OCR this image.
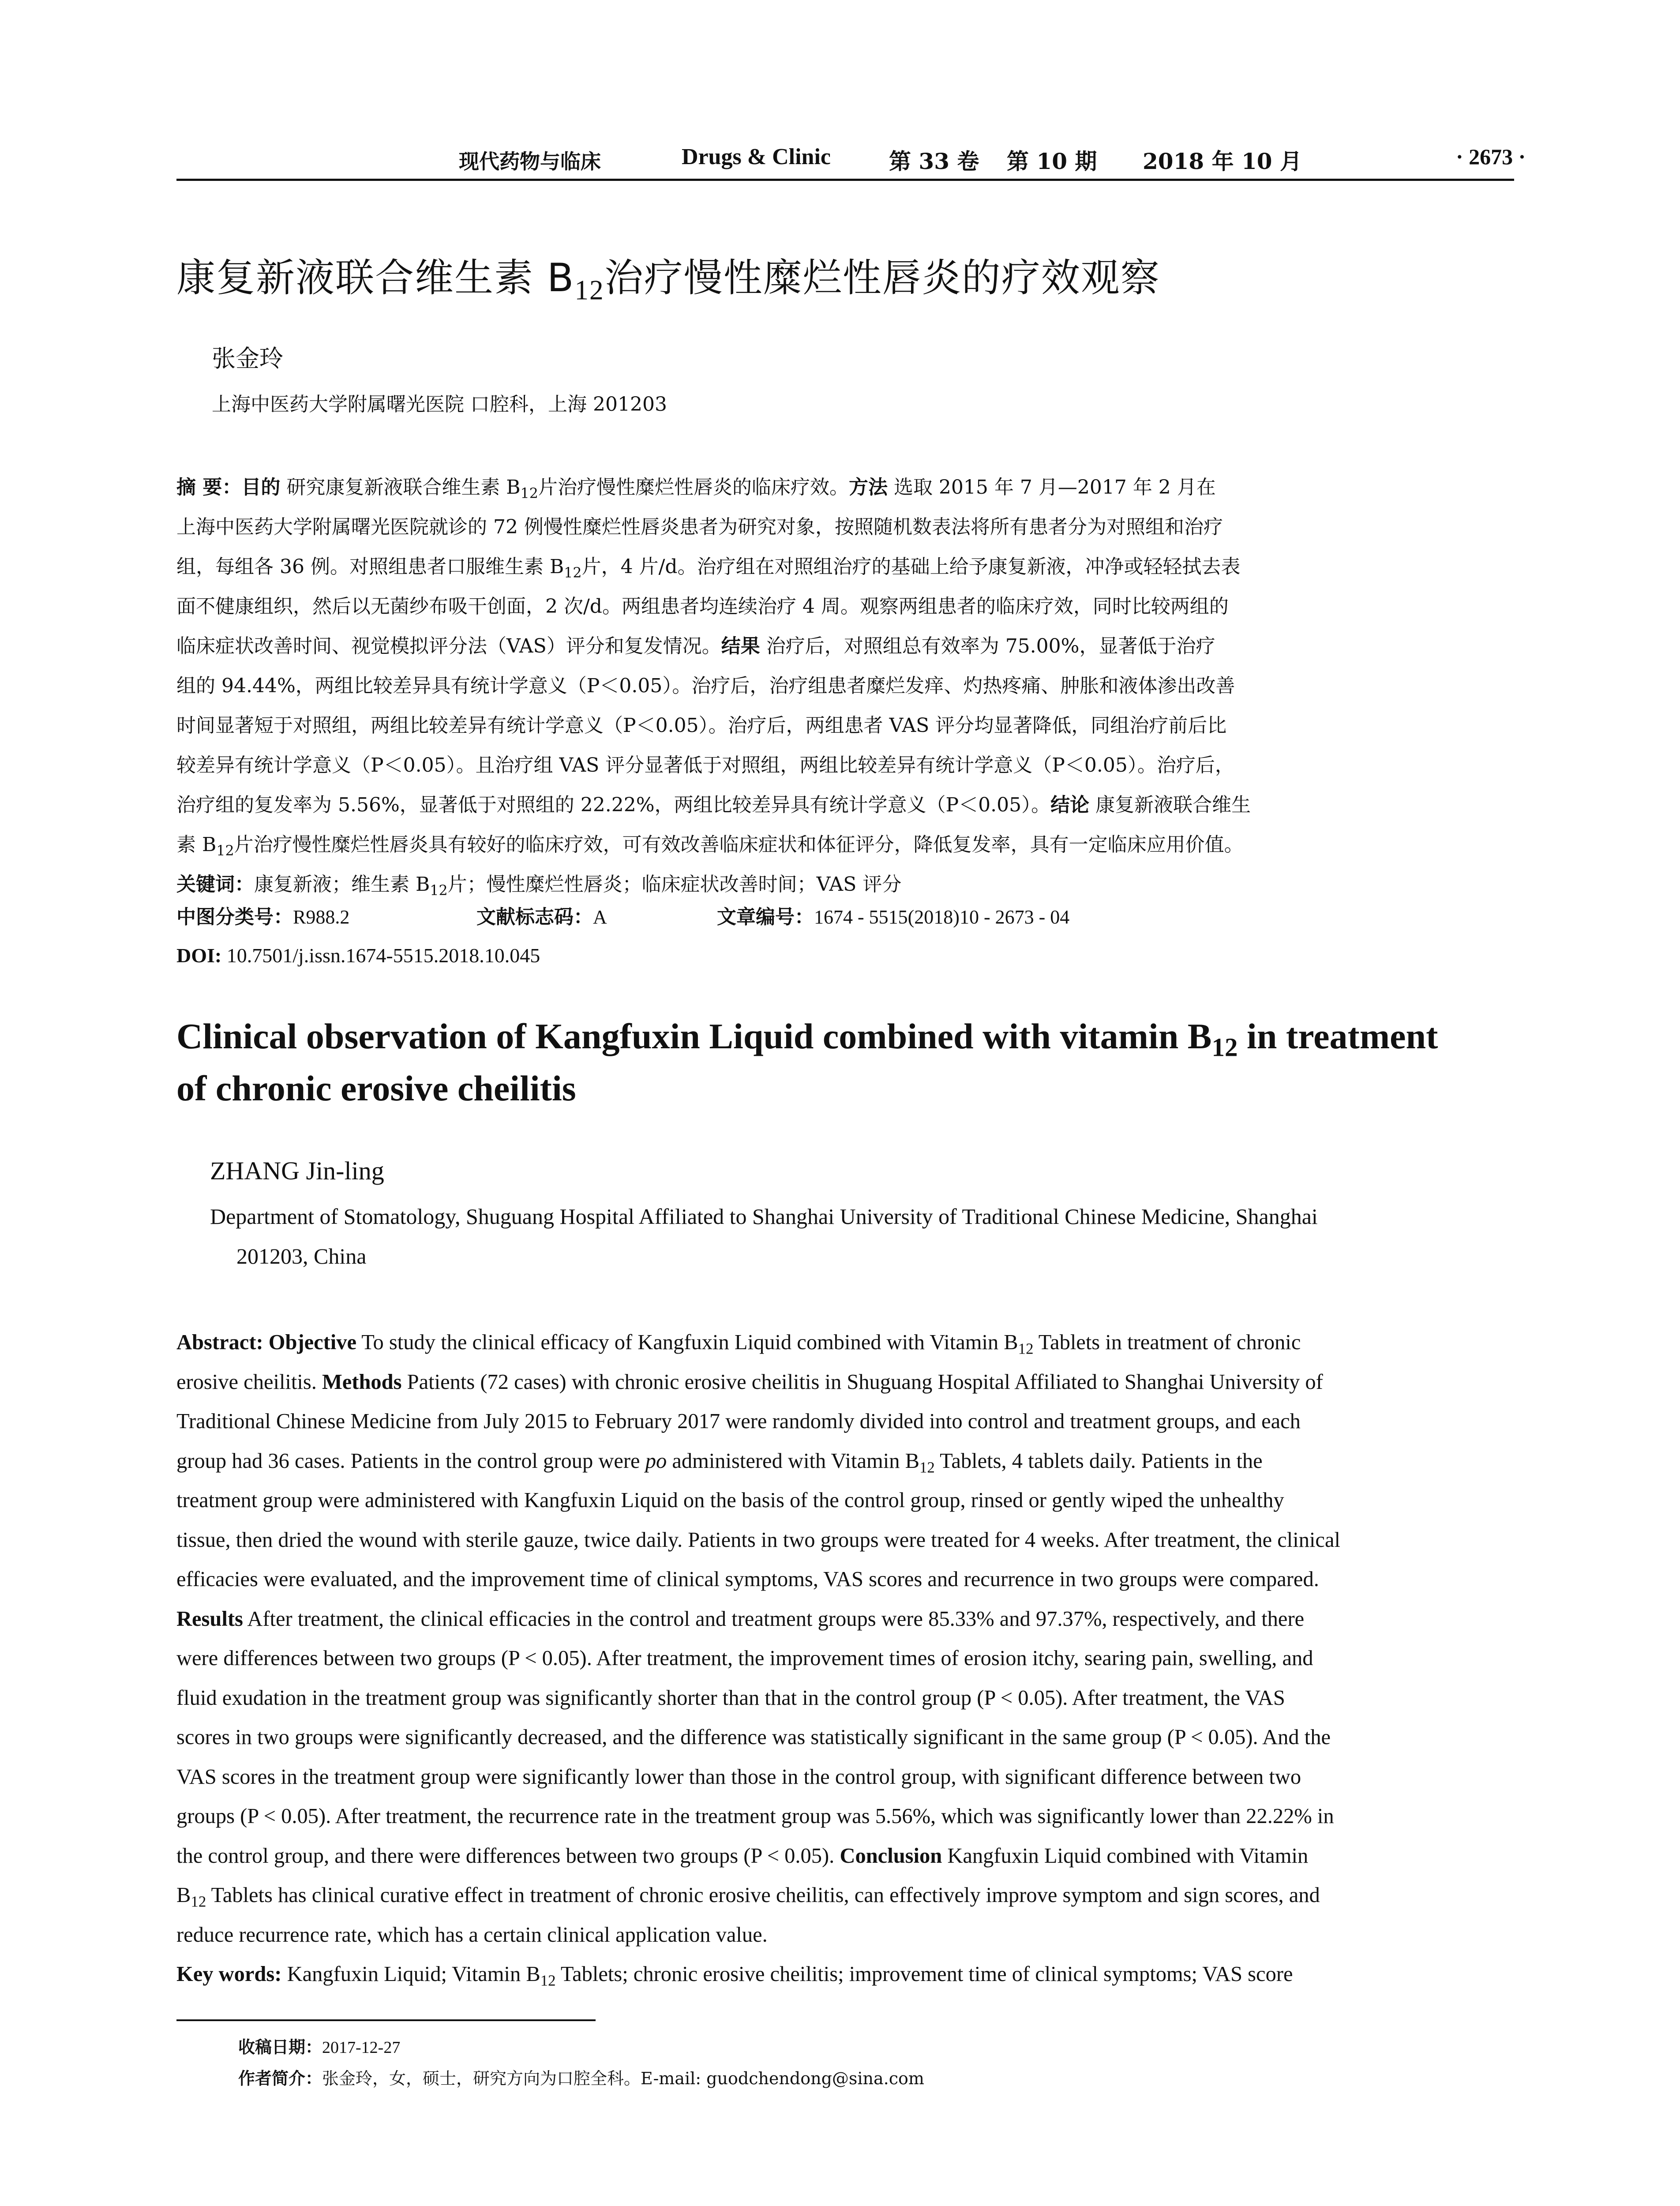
现代药物与临床	Drugs & Clinic	第 33 卷 第 10 期 2018 年 10 月	· 2673 ·
康复新液联合维生素 $B_{12}$治疗慢性糜烂性唇炎的疗效观察
张金玲
上海中医药大学附属曙光医院 口腔科，上海 201203
摘 要：目的 研究康复新液联合维生素 $B_{12}$片治疗慢性糜烂性唇炎的临床疗效。方法 选取 2015 年 7 月—2017 年 2 月在
上海中医药大学附属曙光医院就诊的 72 例慢性糜烂性唇炎患者为研究对象，按照随机数表法将所有患者分为对照组和治疗
组，每组各 36 例。对照组患者口服维生素 $B_{12}$片，4 片/d。治疗组在对照组治疗的基础上给予康复新液，冲净或轻轻拭去表
面不健康组织，然后以无菌纱布吸干创面，2 次/d。两组患者均连续治疗 4 周。观察两组患者的临床疗效，同时比较两组的
临床症状改善时间、视觉模拟评分法（VAS）评分和复发情况。结果 治疗后，对照组总有效率为 75.00%，显著低于治疗
组的 94.44%，两组比较差异具有统计学意义（P＜0.05）。治疗后，治疗组患者糜烂发痒、灼热疼痛、肿胀和液体渗出改善
时间显著短于对照组，两组比较差异有统计学意义（P＜0.05）。治疗后，两组患者 VAS 评分均显著降低，同组治疗前后比
较差异有统计学意义（P＜0.05）。且治疗组 VAS 评分显著低于对照组，两组比较差异有统计学意义（P＜0.05）。治疗后，
治疗组的复发率为 5.56%，显著低于对照组的 22.22%，两组比较差异具有统计学意义（P＜0.05）。结论 康复新液联合维生
素 $B_{12}$片治疗慢性糜烂性唇炎具有较好的临床疗效，可有效改善临床症状和体征评分，降低复发率，具有一定临床应用价值。
关键词：康复新液；维生素 $B_{12}$片；慢性糜烂性唇炎；临床症状改善时间；VAS 评分
中图分类号：R988.2	文献标志码：A	文章编号：1674 - 5515(2018)10 - 2673 - 04
DOI: 10.7501/j.issn.1674-5515.2018.10.045
Clinical observation of Kangfuxin Liquid combined with vitamin $B_{12}$ in treatment
of chronic erosive cheilitis
ZHANG Jin-ling
Department of Stomatology, Shuguang Hospital Affiliated to Shanghai University of Traditional Chinese Medicine, Shanghai
201203, China
Abstract: Objective To study the clinical efficacy of Kangfuxin Liquid combined with Vitamin $B_{12}$ Tablets in treatment of chronic
erosive cheilitis. Methods Patients (72 cases) with chronic erosive cheilitis in Shuguang Hospital Affiliated to Shanghai University of
Traditional Chinese Medicine from July 2015 to February 2017 were randomly divided into control and treatment groups, and each
group had 36 cases. Patients in the control group were po administered with Vitamin $B_{12}$ Tablets, 4 tablets daily. Patients in the
treatment group were administered with Kangfuxin Liquid on the basis of the control group, rinsed or gently wiped the unhealthy
tissue, then dried the wound with sterile gauze, twice daily. Patients in two groups were treated for 4 weeks. After treatment, the clinical
efficacies were evaluated, and the improvement time of clinical symptoms, VAS scores and recurrence in two groups were compared.
Results After treatment, the clinical efficacies in the control and treatment groups were 85.33% and 97.37%, respectively, and there
were differences between two groups (P < 0.05). After treatment, the improvement times of erosion itchy, searing pain, swelling, and
fluid exudation in the treatment group was significantly shorter than that in the control group (P < 0.05). After treatment, the VAS
scores in two groups were significantly decreased, and the difference was statistically significant in the same group (P < 0.05). And the
VAS scores in the treatment group were significantly lower than those in the control group, with significant difference between two
groups (P < 0.05). After treatment, the recurrence rate in the treatment group was 5.56%, which was significantly lower than 22.22% in
the control group, and there were differences between two groups (P < 0.05). Conclusion Kangfuxin Liquid combined with Vitamin
$B_{12}$ Tablets has clinical curative effect in treatment of chronic erosive cheilitis, can effectively improve symptom and sign scores, and
reduce recurrence rate, which has a certain clinical application value.
Key words: Kangfuxin Liquid; Vitamin $B_{12}$ Tablets; chronic erosive cheilitis; improvement time of clinical symptoms; VAS score
收稿日期：2017-12-27
作者简介：张金玲，女，硕士，研究方向为口腔全科。E-mail: guodchendong@sina.com
